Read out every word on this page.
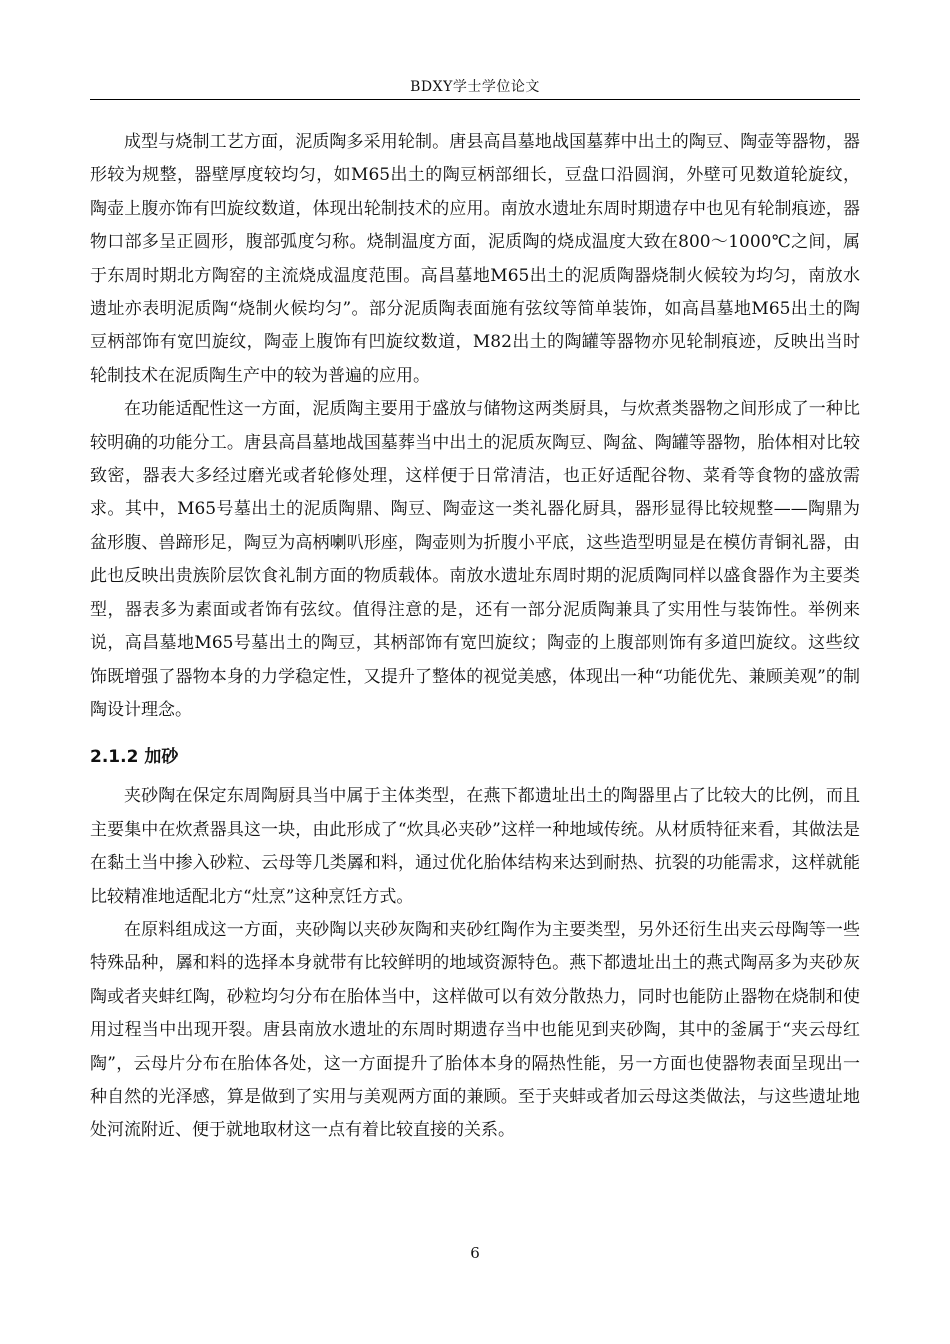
BDXY学士学位论文

成型与烧制工艺方面，泥质陶多采用轮制。唐县高昌墓地战国墓葬中出土的陶豆、陶壶等器物，器形较为规整，器壁厚度较均匀，如M65出土的陶豆柄部细长，豆盘口沿圆润，外壁可见数道轮旋纹，陶壶上腹亦饰有凹旋纹数道，体现出轮制技术的应用。南放水遗址东周时期遗存中也见有轮制痕迹，器物口部多呈正圆形，腹部弧度匀称。烧制温度方面，泥质陶的烧成温度大致在800～1000℃之间，属于东周时期北方陶窑的主流烧成温度范围。高昌墓地M65出土的泥质陶器烧制火候较为均匀，南放水遗址亦表明泥质陶“烧制火候均匀”。部分泥质陶表面施有弦纹等简单装饰，如高昌墓地M65出土的陶豆柄部饰有宽凹旋纹，陶壶上腹饰有凹旋纹数道，M82出土的陶罐等器物亦见轮制痕迹，反映出当时轮制技术在泥质陶生产中的较为普遍的应用。

在功能适配性这一方面，泥质陶主要用于盛放与储物这两类厨具，与炊煮类器物之间形成了一种比较明确的功能分工。唐县高昌墓地战国墓葬当中出土的泥质灰陶豆、陶盆、陶罐等器物，胎体相对比较致密，器表大多经过磨光或者轮修处理，这样便于日常清洁，也正好适配谷物、菜肴等食物的盛放需求。其中，M65号墓出土的泥质陶鼎、陶豆、陶壶这一类礼器化厨具，器形显得比较规整——陶鼎为盆形腹、兽蹄形足，陶豆为高柄喇叭形座，陶壶则为折腹小平底，这些造型明显是在模仿青铜礼器，由此也反映出贵族阶层饮食礼制方面的物质载体。南放水遗址东周时期的泥质陶同样以盛食器作为主要类型，器表多为素面或者饰有弦纹。值得注意的是，还有一部分泥质陶兼具了实用性与装饰性。举例来说，高昌墓地M65号墓出土的陶豆，其柄部饰有宽凹旋纹；陶壶的上腹部则饰有多道凹旋纹。这些纹饰既增强了器物本身的力学稳定性，又提升了整体的视觉美感，体现出一种“功能优先、兼顾美观”的制陶设计理念。

2.1.2 加砂

夹砂陶在保定东周陶厨具当中属于主体类型，在燕下都遗址出土的陶器里占了比较大的比例，而且主要集中在炊煮器具这一块，由此形成了“炊具必夹砂”这样一种地域传统。从材质特征来看，其做法是在黏土当中掺入砂粒、云母等几类羼和料，通过优化胎体结构来达到耐热、抗裂的功能需求，这样就能比较精准地适配北方“灶烹”这种烹饪方式。

在原料组成这一方面，夹砂陶以夹砂灰陶和夹砂红陶作为主要类型，另外还衍生出夹云母陶等一些特殊品种，羼和料的选择本身就带有比较鲜明的地域资源特色。燕下都遗址出土的燕式陶鬲多为夹砂灰陶或者夹蚌红陶，砂粒均匀分布在胎体当中，这样做可以有效分散热力，同时也能防止器物在烧制和使用过程当中出现开裂。唐县南放水遗址的东周时期遗存当中也能见到夹砂陶，其中的釜属于“夹云母红陶”，云母片分布在胎体各处，这一方面提升了胎体本身的隔热性能，另一方面也使器物表面呈现出一种自然的光泽感，算是做到了实用与美观两方面的兼顾。至于夹蚌或者加云母这类做法，与这些遗址地处河流附近、便于就地取材这一点有着比较直接的关系。

6
